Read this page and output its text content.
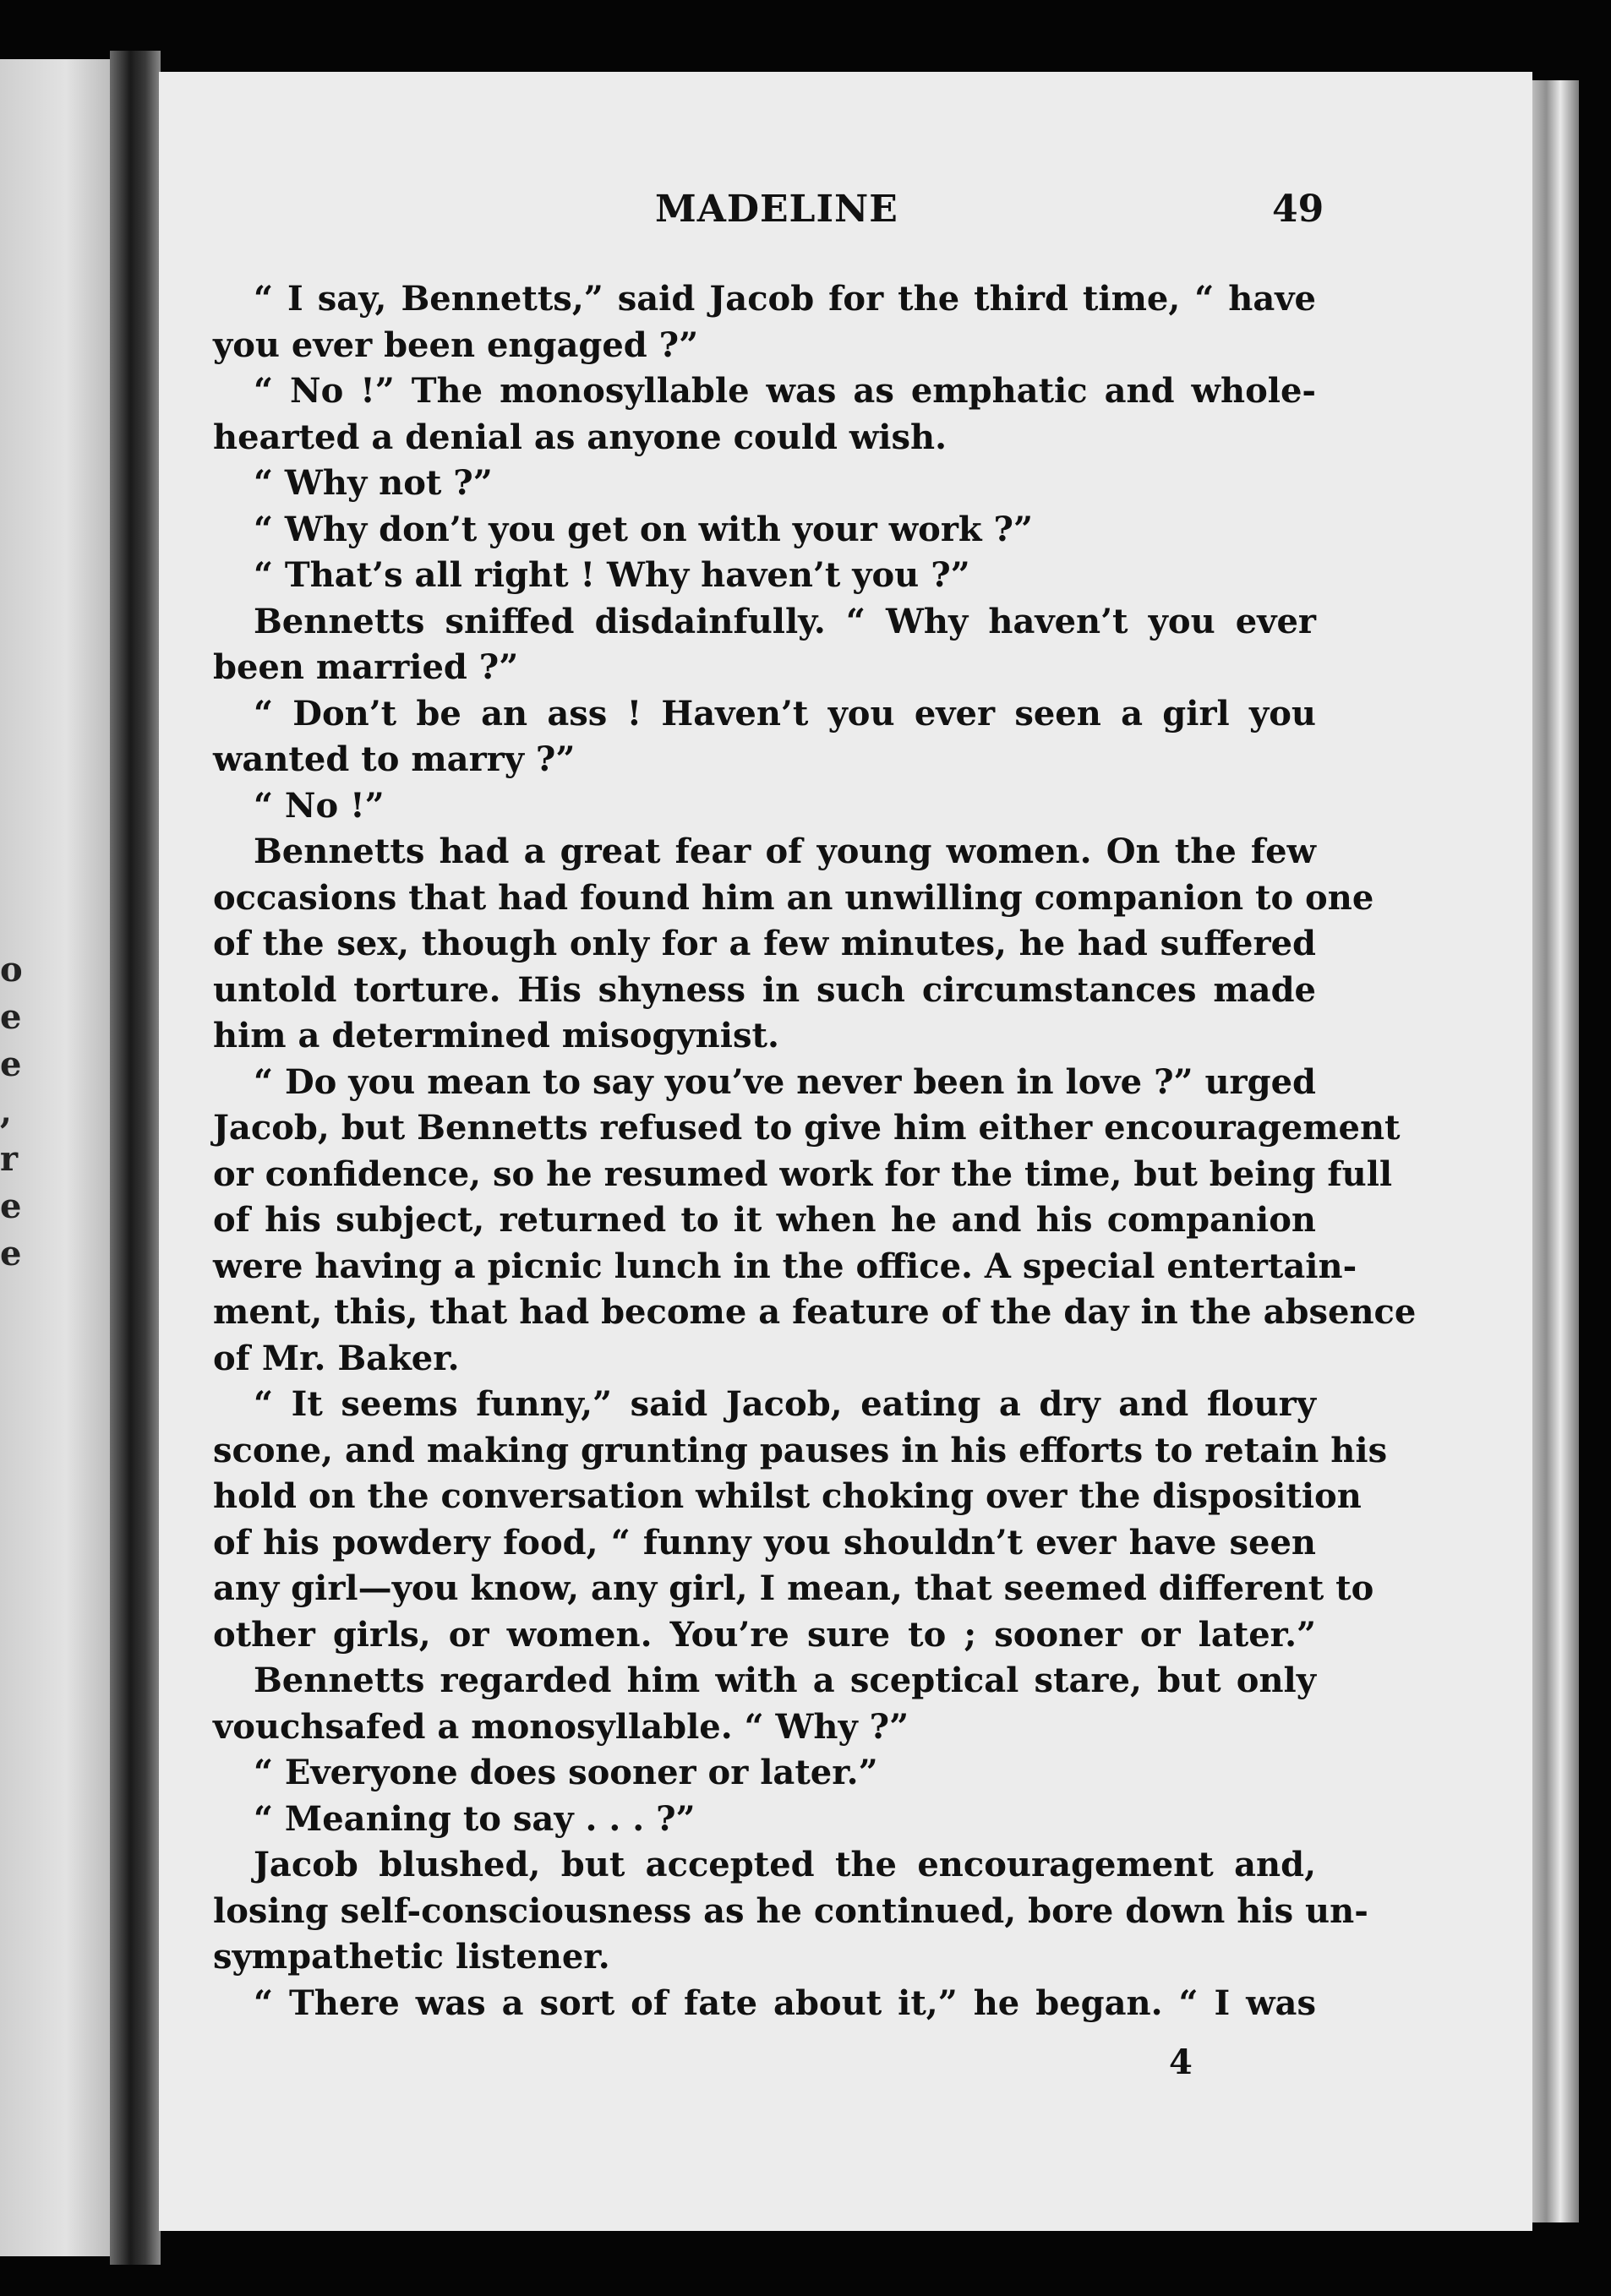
o
e
e
,
r
e
e
MADELINE	49
“ I say, Bennetts,” said Jacob for the third time, “ have
you ever been engaged ?”
“ No !” The monosyllable was as emphatic and whole-
hearted a denial as anyone could wish.
“ Why not ?”
“ Why don’t you get on with your work ?”
“ That’s all right ! Why haven’t you ?”
Bennetts sniffed disdainfully. “ Why haven’t you ever
been married ?”
“ Don’t be an ass ! Haven’t you ever seen a girl you
wanted to marry ?”
“ No !”
Bennetts had a great fear of young women. On the few
occasions that had found him an unwilling companion to one
of the sex, though only for a few minutes, he had suffered
untold torture. His shyness in such circumstances made
him a determined misogynist.
“ Do you mean to say you’ve never been in love ?” urged
Jacob, but Bennetts refused to give him either encouragement
or confidence, so he resumed work for the time, but being full
of his subject, returned to it when he and his companion
were having a picnic lunch in the office. A special entertain-
ment, this, that had become a feature of the day in the absence
of Mr. Baker.
“ It seems funny,” said Jacob, eating a dry and floury
scone, and making grunting pauses in his efforts to retain his
hold on the conversation whilst choking over the disposition
of his powdery food, “ funny you shouldn’t ever have seen
any girl—you know, any girl, I mean, that seemed different to
other girls, or women. You’re sure to ; sooner or later.”
Bennetts regarded him with a sceptical stare, but only
vouchsafed a monosyllable. “ Why ?”
“ Everyone does sooner or later.”
“ Meaning to say . . . ?”
Jacob blushed, but accepted the encouragement and,
losing self-consciousness as he continued, bore down his un-
sympathetic listener.
“ There was a sort of fate about it,” he began. “ I was
4
